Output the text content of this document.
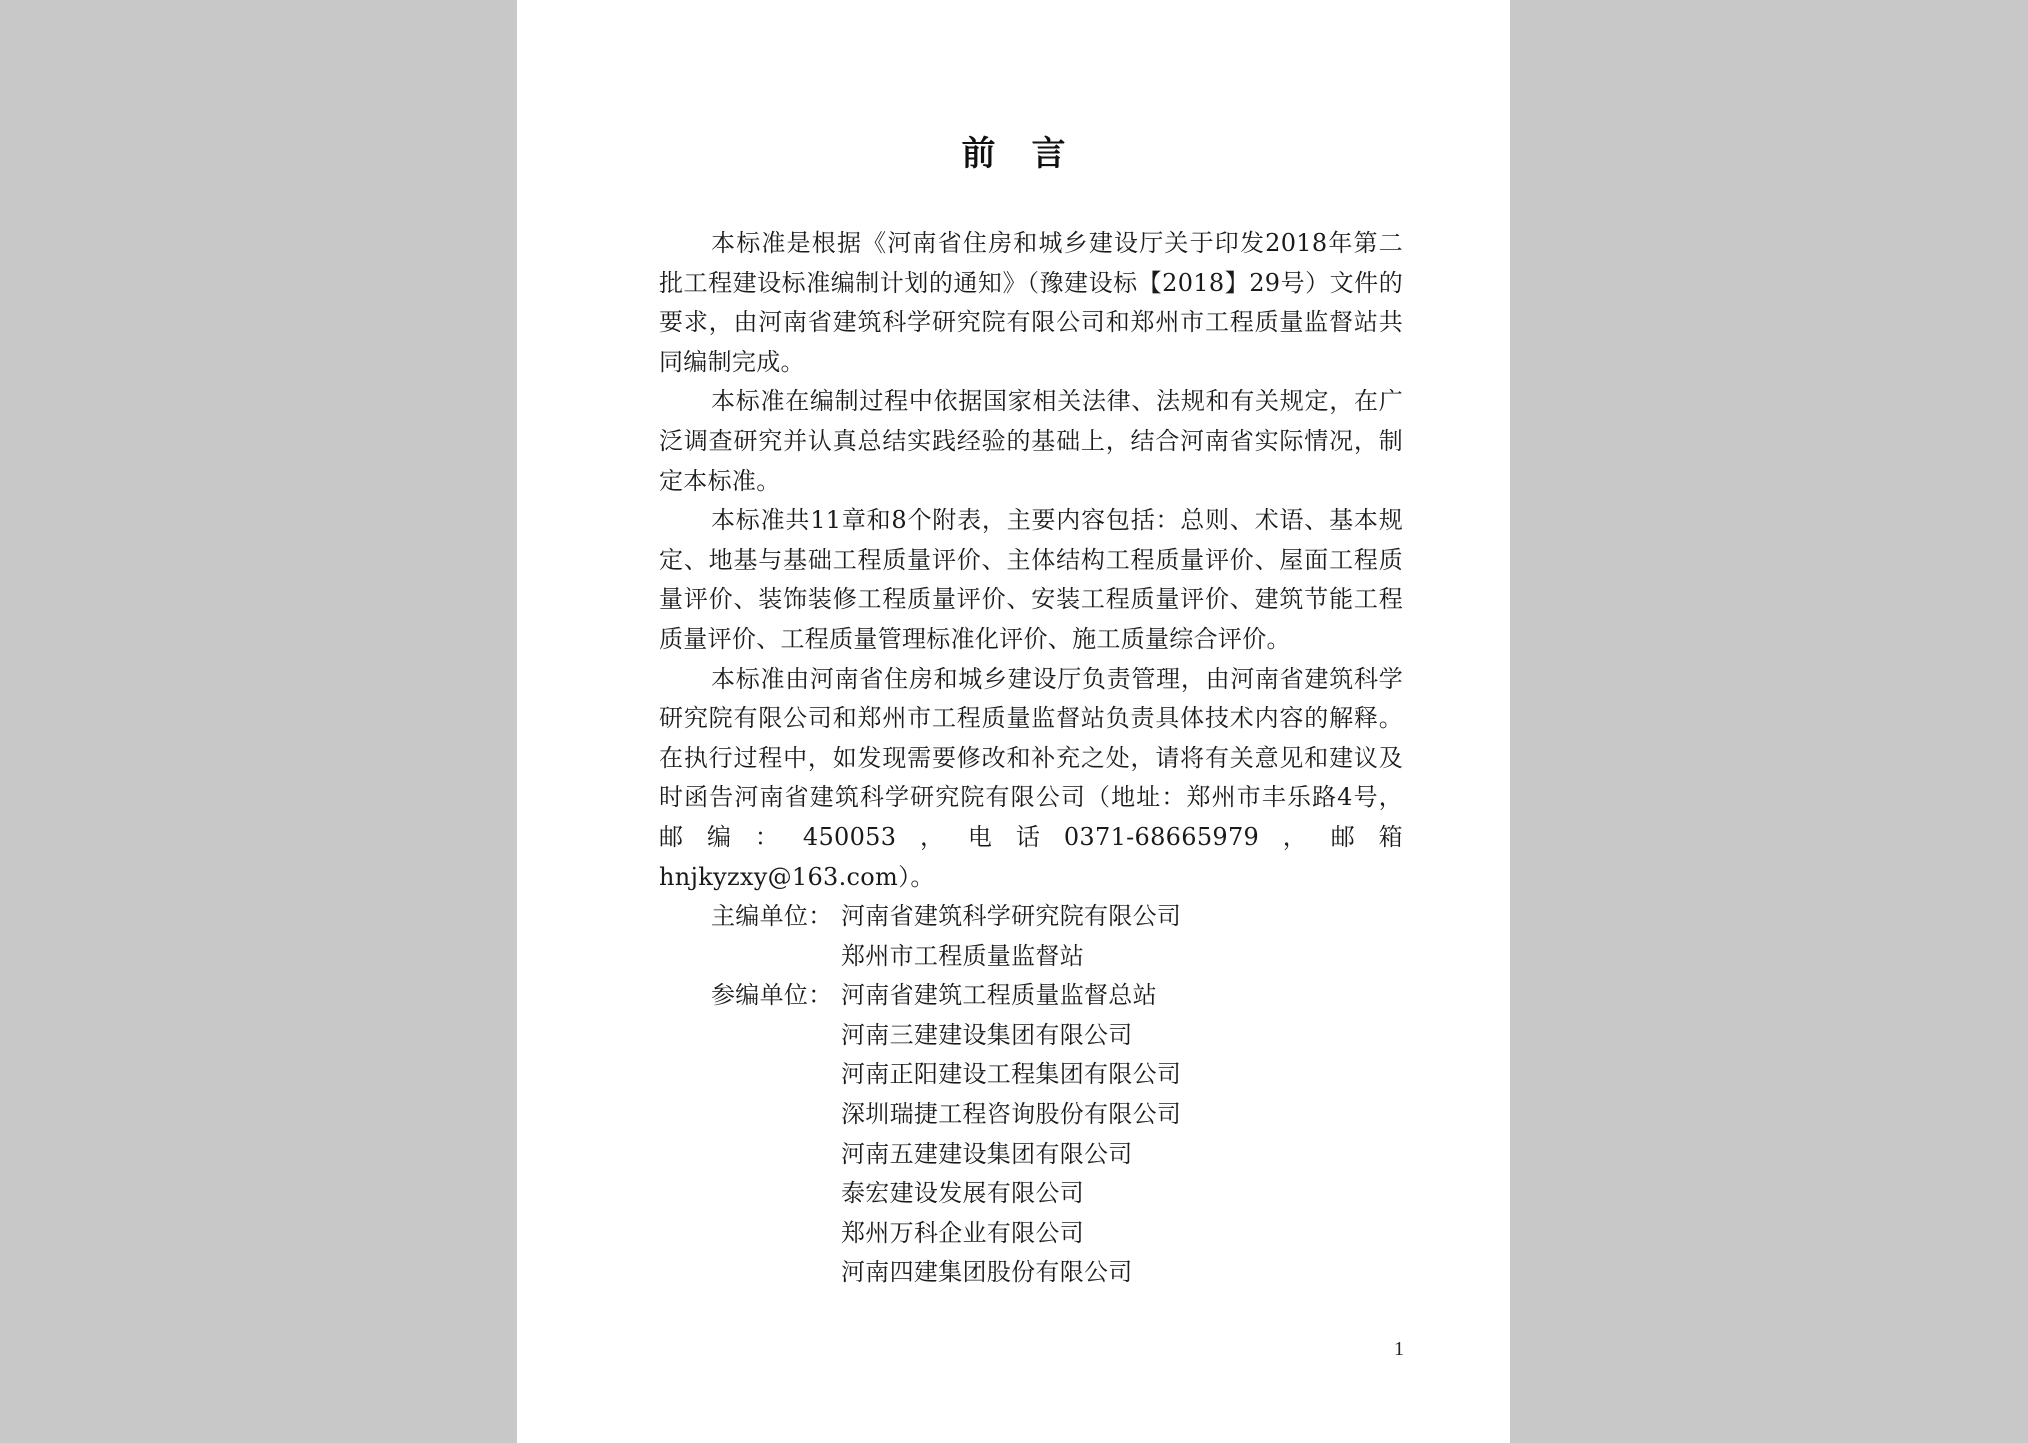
前言

本标准是根据《河南省住房和城乡建设厅关于印发2018年第二批工程建设标准编制计划的通知》（豫建设标【2018】29号）文件的要求，由河南省建筑科学研究院有限公司和郑州市工程质量监督站共同编制完成。

本标准在编制过程中依据国家相关法律、法规和有关规定，在广泛调查研究并认真总结实践经验的基础上，结合河南省实际情况，制定本标准。

本标准共11章和8个附表，主要内容包括：总则、术语、基本规定、地基与基础工程质量评价、主体结构工程质量评价、屋面工程质量评价、装饰装修工程质量评价、安装工程质量评价、建筑节能工程质量评价、工程质量管理标准化评价、施工质量综合评价。

本标准由河南省住房和城乡建设厅负责管理，由河南省建筑科学研究院有限公司和郑州市工程质量监督站负责具体技术内容的解释。在执行过程中，如发现需要修改和补充之处，请将有关意见和建议及时函告河南省建筑科学研究院有限公司（地址：郑州市丰乐路4号，邮编：450053，电话0371-68665979，邮箱hnjkyzxy@163.com）。

主编单位： 河南省建筑科学研究院有限公司
郑州市工程质量监督站
参编单位： 河南省建筑工程质量监督总站
河南三建建设集团有限公司
河南正阳建设工程集团有限公司
深圳瑞捷工程咨询股份有限公司
河南五建建设集团有限公司
泰宏建设发展有限公司
郑州万科企业有限公司
河南四建集团股份有限公司
1
